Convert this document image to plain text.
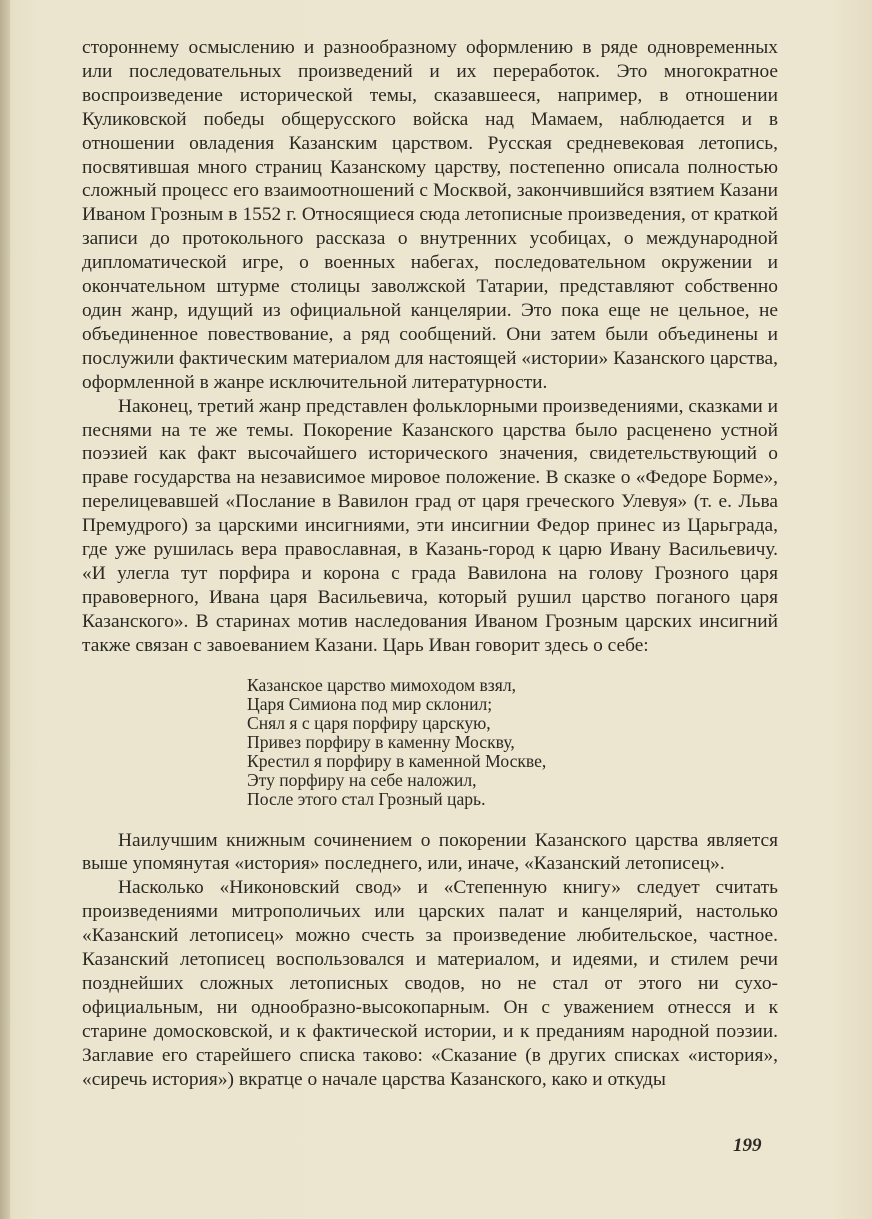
стороннему осмыслению и разнообразному оформлению в ряде одновременных или последовательных произведений и их переработок. Это многократное воспроизведение исторической темы, сказавшееся, например, в отношении Куликовской победы общерусского войска над Мамаем, наблюдается и в отношении овладения Казанским царством. Русская средневековая летопись, посвятившая много страниц Казанскому царству, постепенно описала полностью сложный процесс его взаимоотношений с Москвой, закончившийся взятием Казани Иваном Грозным в 1552 г. Относящиеся сюда летописные произведения, от краткой записи до протокольного рассказа о внутренних усобицах, о международной дипломатической игре, о военных набегах, последовательном окружении и окончательном штурме столицы заволжской Татарии, представляют собственно один жанр, идущий из официальной канцелярии. Это пока еще не цельное, не объединенное повествование, а ряд сообщений. Они затем были объединены и послужили фактическим материалом для настоящей «истории» Казанского царства, оформленной в жанре исключительной литературности.

Наконец, третий жанр представлен фольклорными произведениями, сказками и песнями на те же темы. Покорение Казанского царства было расценено устной поэзией как факт высочайшего исторического значения, свидетельствующий о праве государства на независимое мировое положение. В сказке о «Федоре Борме», перелицевавшей «Послание в Вавилон град от царя греческого Улевуя» (т. е. Льва Премудрого) за царскими инсигниями, эти инсигнии Федор принес из Царьграда, где уже рушилась вера православная, в Казань-город к царю Ивану Васильевичу. «И улегла тут порфира и корона с града Вавилона на голову Грозного царя правоверного, Ивана царя Васильевича, который рушил царство поганого царя Казанского». В старинах мотив наследования Иваном Грозным царских инсигний также связан с завоеванием Казани. Царь Иван говорит здесь о себе:

Казанское царство мимоходом взял,
Царя Симиона под мир склонил;
Снял я с царя порфиру царскую,
Привез порфиру в каменну Москву,
Крестил я порфиру в каменной Москве,
Эту порфиру на себе наложил,
После этого стал Грозный царь.

Наилучшим книжным сочинением о покорении Казанского царства является выше упомянутая «история» последнего, или, иначе, «Казанский летописец».

Насколько «Никоновский свод» и «Степенную книгу» следует считать произведениями митрополичьих или царских палат и канцелярий, настолько «Казанский летописец» можно счесть за произведение любительское, частное. Казанский летописец воспользовался и материалом, и идеями, и стилем речи позднейших сложных летописных сводов, но не стал от этого ни сухо-официальным, ни однообразно-высокопарным. Он с уважением отнесся и к старине домосковской, и к фактической истории, и к преданиям народной поэзии. Заглавие его старейшего списка таково: «Сказание (в других списках «история», «сиречь история») вкратце о начале царства Казанского, како и откуды

199
